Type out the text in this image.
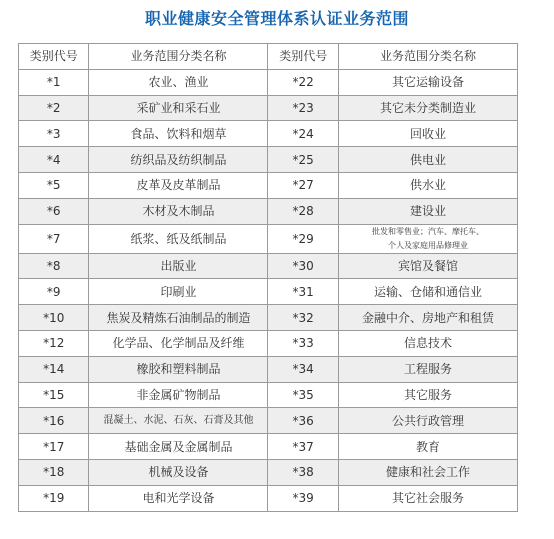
职业健康安全管理体系认证业务范围
类别代号	业务范围分类名称	类别代号	业务范围分类名称
*1	农业、渔业	*22	其它运输设备
*2	采矿业和采石业	*23	其它未分类制造业
*3	食品、饮料和烟草	*24	回收业
*4	纺织品及纺织制品	*25	供电业
*5	皮革及皮革制品	*27	供水业
*6	木材及木制品	*28	建设业
*7	纸浆、纸及纸制品	*29	批发和零售业；汽车、摩托车、
个人及家庭用品修理业

*8	出版业	*30	宾馆及餐馆
*9	印刷业	*31	运输、仓储和通信业
*10	焦炭及精炼石油制品的制造	*32	金融中介、房地产和租赁
*12	化学品、化学制品及纤维	*33	信息技术
*14	橡胶和塑料制品	*34	工程服务
*15	非金属矿物制品	*35	其它服务
*16	混凝土、水泥、石灰、石膏及其他	*36	公共行政管理
*17	基础金属及金属制品	*37	教育
*18	机械及设备	*38	健康和社会工作
*19	电和光学设备	*39	其它社会服务
